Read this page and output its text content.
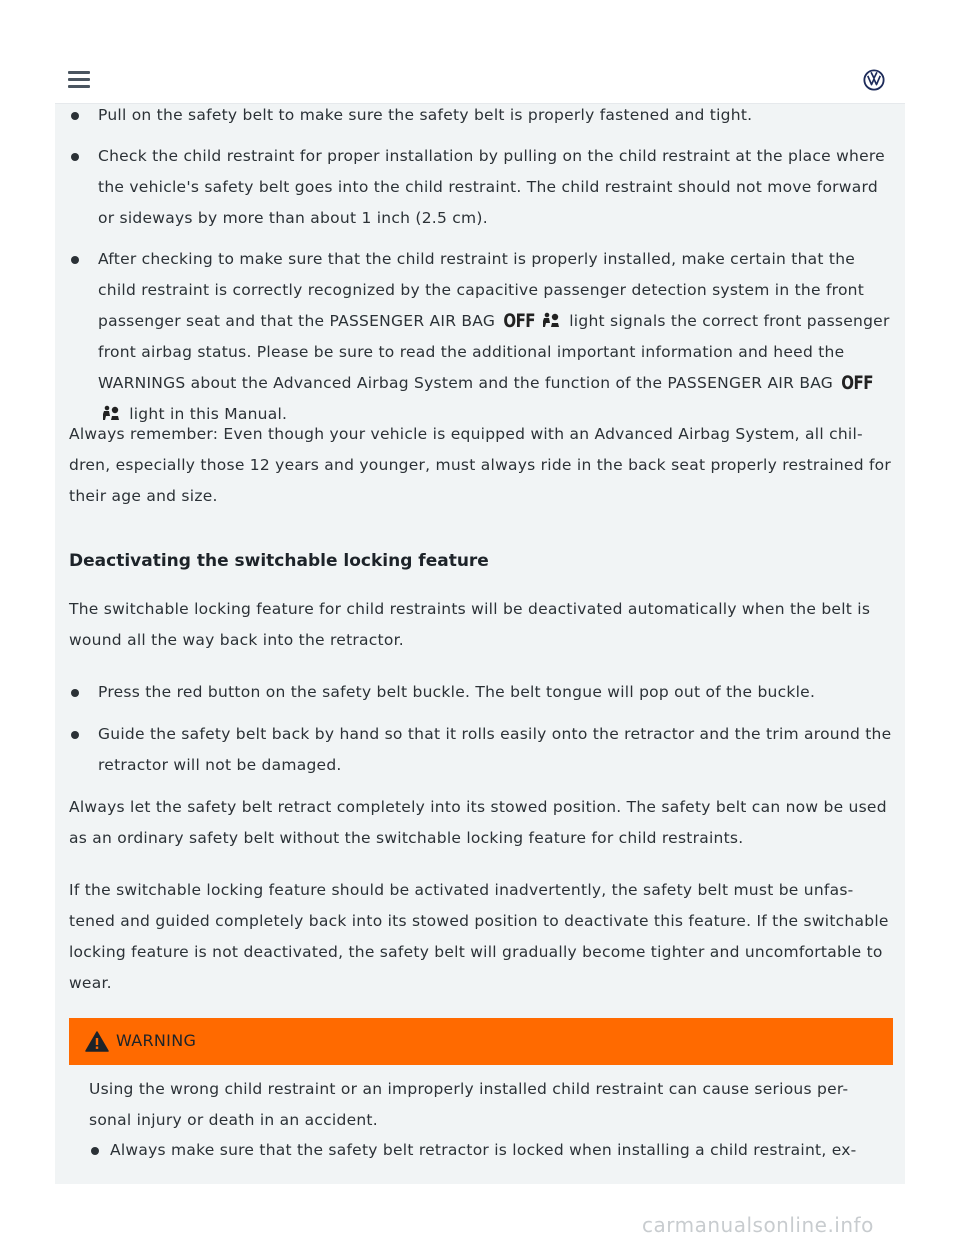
Pull on the safety belt to make sure the safety belt is properly fastened and tight.
Check the child restraint for proper installation by pulling on the child restraint at the place where the vehicle's safety belt goes into the child restraint. The child restraint should not move forward or sideways by more than about 1 inch (2.5 cm).
After checking to make sure that the child restraint is properly installed, make certain that the child restraint is correctly recognized by the capacitive passenger detection system in the front passenger seat and that the PASSENGER AIR BAG OFF light signals the correct front passenger front airbag status. Please be sure to read the additional important information and heed the WARNINGS about the Advanced Airbag System and the function of the PASSENGER AIR BAG OFF
light in this Manual.
Always remember: Even though your vehicle is equipped with an Advanced Airbag System, all chil-dren, especially those 12 years and younger, must always ride in the back seat properly restrained for their age and size.
Deactivating the switchable locking feature
The switchable locking feature for child restraints will be deactivated automatically when the belt is wound all the way back into the retractor.
Press the red button on the safety belt buckle. The belt tongue will pop out of the buckle.
Guide the safety belt back by hand so that it rolls easily onto the retractor and the trim around the retractor will not be damaged.
Always let the safety belt retract completely into its stowed position. The safety belt can now be used as an ordinary safety belt without the switchable locking feature for child restraints.
If the switchable locking feature should be activated inadvertently, the safety belt must be unfas-tened and guided completely back into its stowed position to deactivate this feature. If the switchable locking feature is not deactivated, the safety belt will gradually become tighter and uncomfortable to wear.
WARNING
Using the wrong child restraint or an improperly installed child restraint can cause serious per-sonal injury or death in an accident.
Always make sure that the safety belt retractor is locked when installing a child restraint, ex-
carmanualsonline.info
